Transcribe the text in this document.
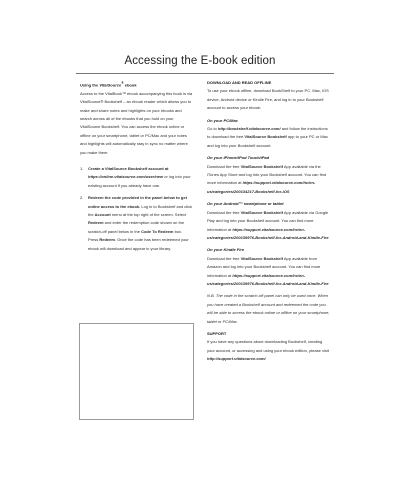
Accessing the E-book edition

Using the VitalSource® ebook

Access to the VitalBook™ ebook accompanying this book is via VitalSource® Bookshelf – an ebook reader which allows you to make and share notes and highlights on your ebooks and search across all of the ebooks that you hold on your VitalSource Bookshelf. You can access the ebook online or offline on your smartphone, tablet or PC/Mac and your notes and highlights will automatically stay in sync no matter where you make them.

1. Create a VitalSource Bookshelf account at https://online.vitalsource.com/user/new or log into your existing account if you already have one.
2. Redeem the code provided in the panel below to get online access to the ebook. Log in to Bookshelf and click the Account menu at the top right of the screen. Select Redeem and enter the redemption code shown on the scratch-off panel below in the Code To Redeem box. Press Redeem. Once the code has been redeemed your ebook will download and appear in your library.

DOWNLOAD AND READ OFFLINE

To use your ebook offline, download BookShelf to your PC, Mac, iOS device, Android device or Kindle Fire, and log in to your Bookshelf account to access your ebook:

On your PC/Mac

Go to http://bookshelf.vitalsource.com/ and follow the instructions to download the free VitalSource Bookshelf app to your PC or Mac and log into your Bookshelf account.

On your iPhone/iPod Touch/iPad

Download the free VitalSource Bookshelf App available via the iTunes App Store and log into your Bookshelf account. You can find more information at https://support.vitalsource.com/hc/en-us/categories/200134217-Bookshelf-for-iOS

On your Android™ smartphone or tablet

Download the free VitalSource Bookshelf App available via Google Play and log into your Bookshelf account. You can find more information at https://support.vitalsource.com/hc/en-us/categories/200139976-Bookshelf-for-Android-and-Kindle-Fire

On your Kindle Fire

Download the free VitalSource Bookshelf App available from Amazon and log into your Bookshelf account. You can find more information at https://support.vitalsource.com/hc/en-us/categories/200139976-Bookshelf-for-Android-and-Kindle-Fire

N.B. The code in the scratch-off panel can only be used once. When you have created a Bookshelf account and redeemed the code you will be able to access the ebook online or offline on your smartphone, tablet or PC/Mac.

SUPPORT

If you have any questions about downloading Bookshelf, creating your account, or accessing and using your ebook edition, please visit http://support.vitalsource.com/
